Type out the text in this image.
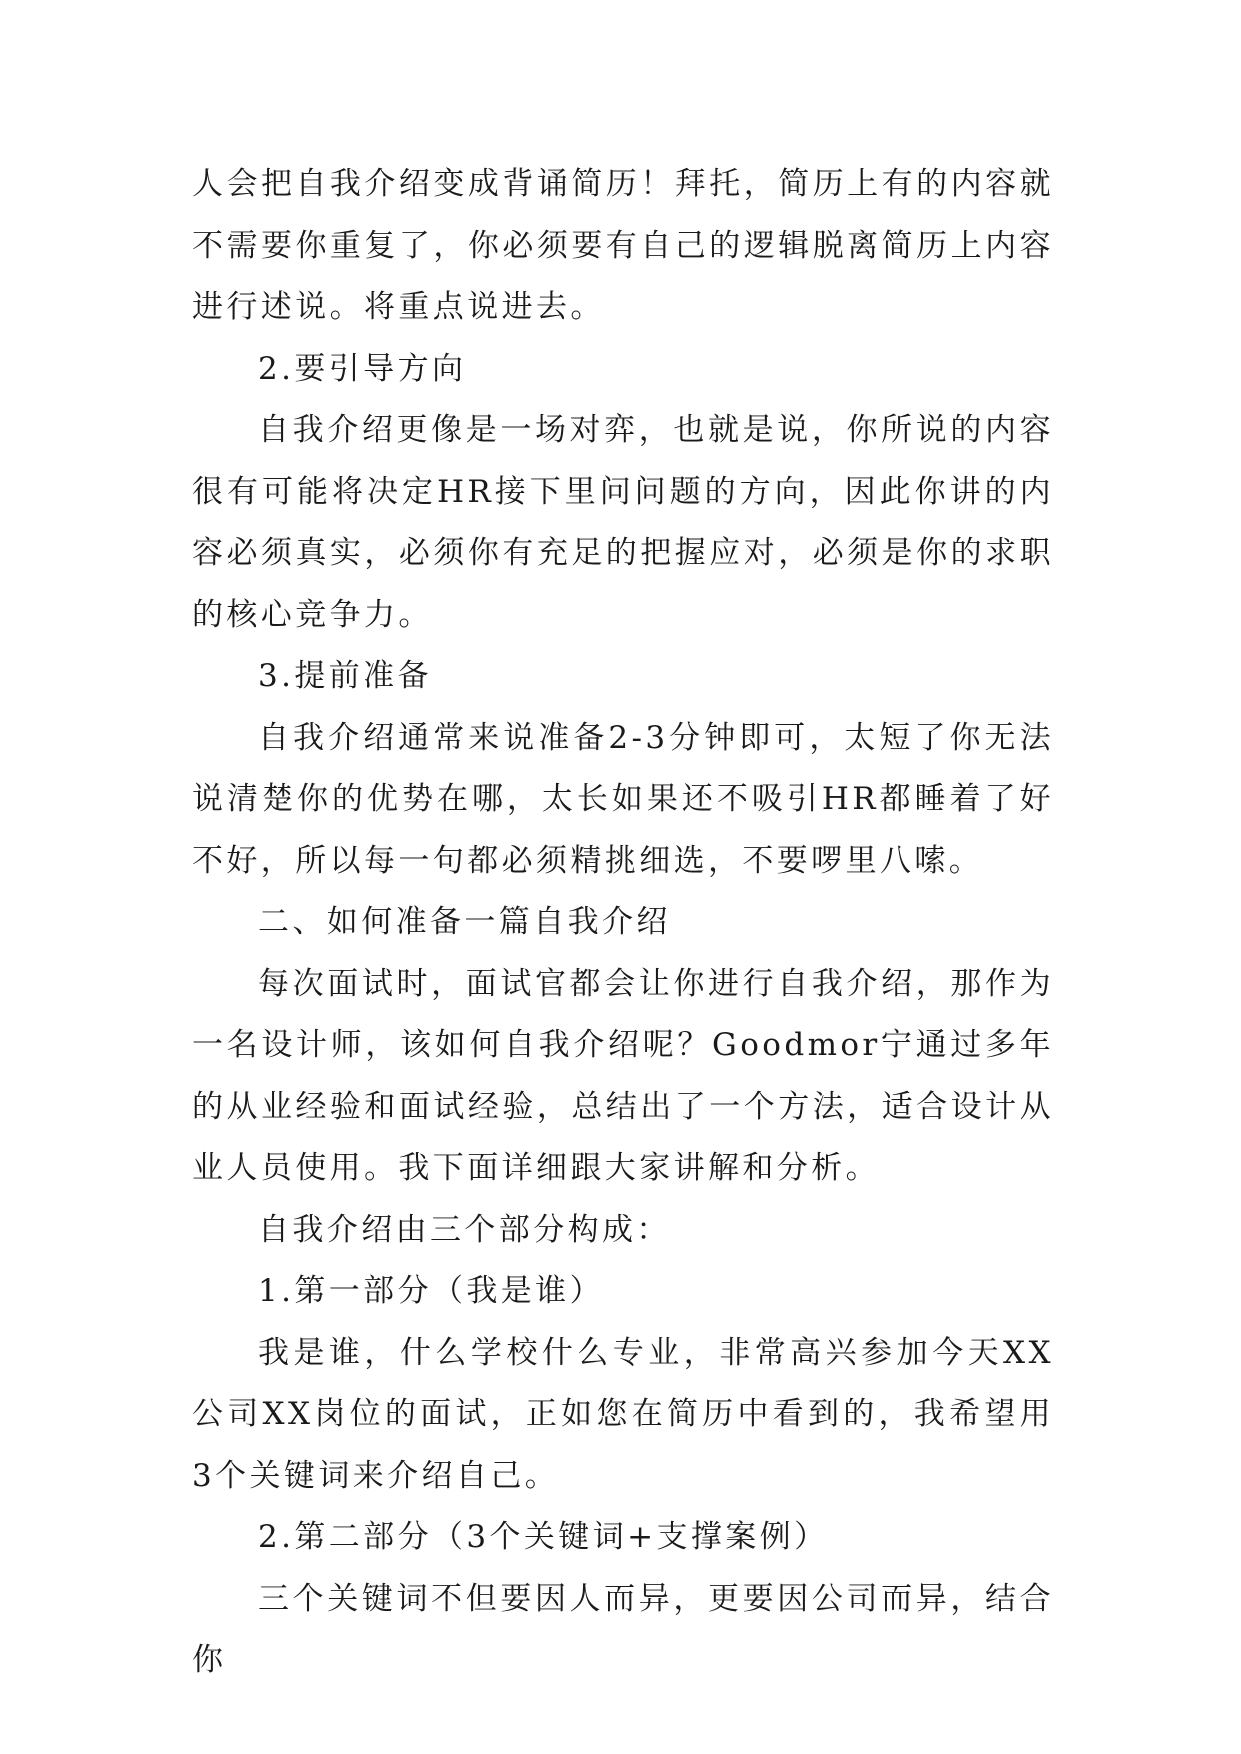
人会把自我介绍变成背诵简历！拜托，简历上有的内容就不需要你重复了，你必须要有自己的逻辑脱离简历上内容进行述说。将重点说进去。

2.要引导方向

自我介绍更像是一场对弈，也就是说，你所说的内容很有可能将决定HR接下里问问题的方向，因此你讲的内容必须真实，必须你有充足的把握应对，必须是你的求职的核心竞争力。

3.提前准备

自我介绍通常来说准备2-3分钟即可，太短了你无法说清楚你的优势在哪，太长如果还不吸引HR都睡着了好不好，所以每一句都必须精挑细选，不要啰里八嗦。

二、如何准备一篇自我介绍

每次面试时，面试官都会让你进行自我介绍，那作为一名设计师，该如何自我介绍呢？Goodmor宁通过多年的从业经验和面试经验，总结出了一个方法，适合设计从业人员使用。我下面详细跟大家讲解和分析。

自我介绍由三个部分构成：

1.第一部分（我是谁）

我是谁，什么学校什么专业，非常高兴参加今天XX公司XX岗位的面试，正如您在简历中看到的，我希望用3个关键词来介绍自己。

2.第二部分（3个关键词+支撑案例）

三个关键词不但要因人而异，更要因公司而异，结合你
